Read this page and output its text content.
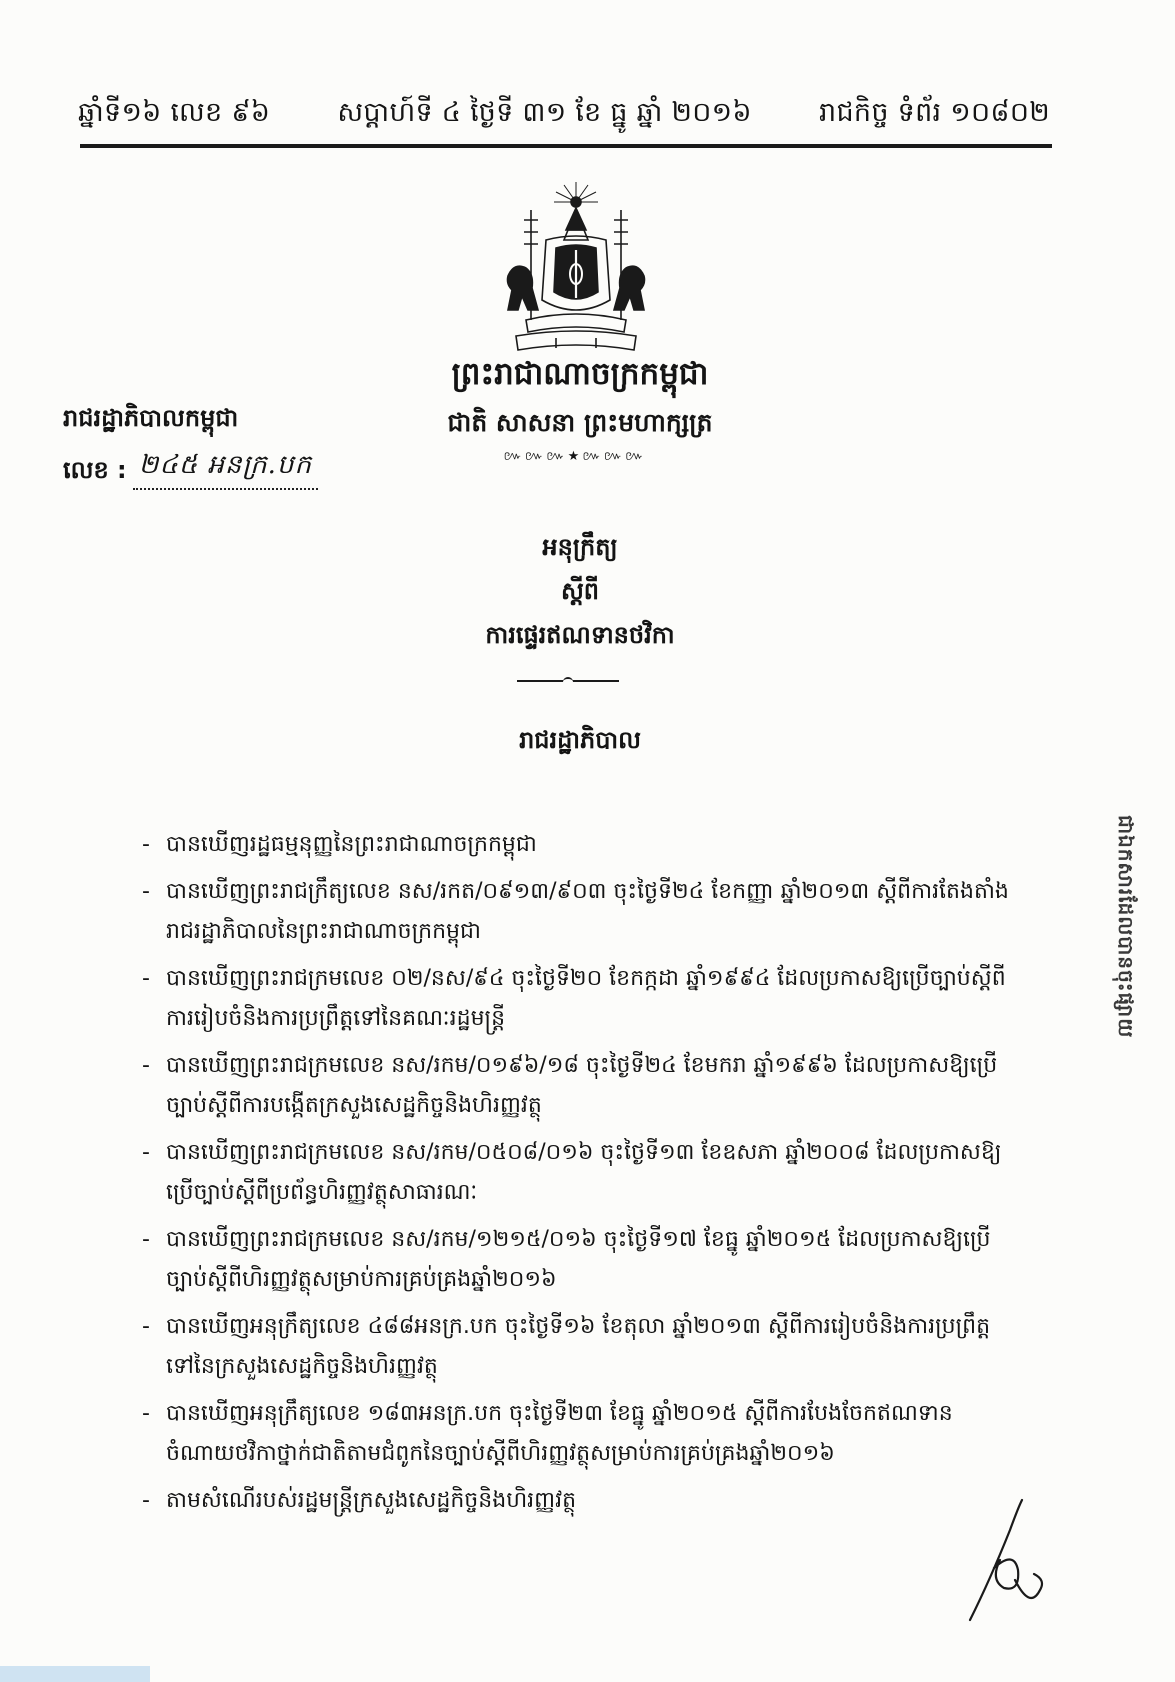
ឆ្នាំទី១៦ លេខ ៩៦ សប្តាហ៍ទី ៤ ថ្ងៃទី ៣១ ខែ ធ្នូ ឆ្នាំ ២០១៦ រាជកិច្ច ទំព័រ ១០៨០២
ព្រះរាជាណាចក្រកម្ពុជា
ជាតិ សាសនា ព្រះមហាក្សត្រ
៚៚៚★៚៚៚
រាជរដ្ឋាភិបាលកម្ពុជា
លេខ : ២៤៥ អនក្រ.បក
អនុក្រឹត្យ
ស្តីពី
ការផ្ទេរឥណទានថវិកា
រាជរដ្ឋាភិបាល
- បានឃើញរដ្ឋធម្មនុញ្ញនៃព្រះរាជាណាចក្រកម្ពុជា
- បានឃើញព្រះរាជក្រឹត្យលេខ នស/រកត/០៩១៣/៩០៣ ចុះថ្ងៃទី២៤ ខែកញ្ញា ឆ្នាំ២០១៣ ស្តីពីការតែងតាំងរាជរដ្ឋាភិបាលនៃព្រះរាជាណាចក្រកម្ពុជា
- បានឃើញព្រះរាជក្រមលេខ ០២/នស/៩៤ ចុះថ្ងៃទី២០ ខែកក្កដា ឆ្នាំ១៩៩៤ ដែលប្រកាសឱ្យប្រើច្បាប់ស្តីពីការរៀបចំនិងការប្រព្រឹត្តទៅនៃគណៈរដ្ឋមន្ត្រី
- បានឃើញព្រះរាជក្រមលេខ នស/រកម/០១៩៦/១៨ ចុះថ្ងៃទី២៤ ខែមករា ឆ្នាំ១៩៩៦ ដែលប្រកាសឱ្យប្រើច្បាប់ស្តីពីការបង្កើតក្រសួងសេដ្ឋកិច្ចនិងហិរញ្ញវត្ថុ
- បានឃើញព្រះរាជក្រមលេខ នស/រកម/០៥០៨/០១៦ ចុះថ្ងៃទី១៣ ខែឧសភា ឆ្នាំ២០០៨ ដែលប្រកាសឱ្យប្រើច្បាប់ស្តីពីប្រព័ន្ធហិរញ្ញវត្ថុសាធារណៈ
- បានឃើញព្រះរាជក្រមលេខ នស/រកម/១២១៥/០១៦ ចុះថ្ងៃទី១៧ ខែធ្នូ ឆ្នាំ២០១៥ ដែលប្រកាសឱ្យប្រើច្បាប់ស្តីពីហិរញ្ញវត្ថុសម្រាប់ការគ្រប់គ្រងឆ្នាំ២០១៦
- បានឃើញអនុក្រឹត្យលេខ ៤៨៨អនក្រ.បក ចុះថ្ងៃទី១៦ ខែតុលា ឆ្នាំ២០១៣ ស្តីពីការរៀបចំនិងការប្រព្រឹត្តទៅនៃក្រសួងសេដ្ឋកិច្ចនិងហិរញ្ញវត្ថុ
- បានឃើញអនុក្រឹត្យលេខ ១៨៣អនក្រ.បក ចុះថ្ងៃទី២៣ ខែធ្នូ ឆ្នាំ២០១៥ ស្តីពីការបែងចែកឥណទានចំណាយថវិកាថ្នាក់ជាតិតាមជំពូកនៃច្បាប់ស្តីពីហិរញ្ញវត្ថុសម្រាប់ការគ្រប់គ្រងឆ្នាំ២០១៦
- តាមសំណើរបស់រដ្ឋមន្ត្រីក្រសួងសេដ្ឋកិច្ចនិងហិរញ្ញវត្ថុ
ជាឯកសារដែលបានចុះផ្សាយ
